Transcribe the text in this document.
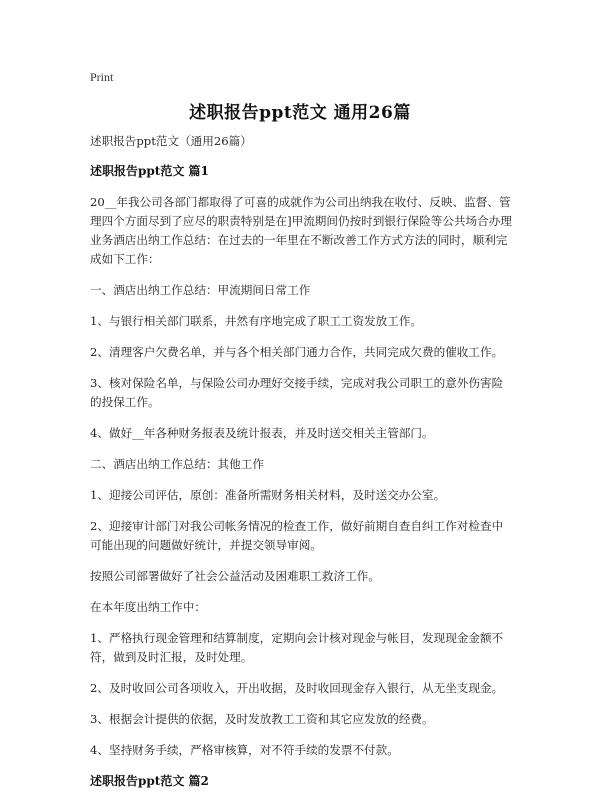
Print
述职报告ppt范文 通用26篇

述职报告ppt范文（通用26篇）

述职报告ppt范文 篇1

20__年我公司各部门都取得了可喜的成就作为公司出纳我在收付、反映、监督、管理四个方面尽到了应尽的职责特别是在]甲流期间仍按时到银行保险等公共场合办理业务酒店出纳工作总结：在过去的一年里在不断改善工作方式方法的同时，顺利完成如下工作：

一、酒店出纳工作总结：甲流期间日常工作

1、与银行相关部门联系，井然有序地完成了职工工资发放工作。

2、清理客户欠费名单，并与各个相关部门通力合作，共同完成欠费的催收工作。

3、核对保险名单，与保险公司办理好交接手续，完成对我公司职工的意外伤害险的投保工作。

4、做好__年各种财务报表及统计报表，并及时送交相关主管部门。

二、酒店出纳工作总结：其他工作

1、迎接公司评估，原创：准备所需财务相关材料，及时送交办公室。

2、迎接审计部门对我公司帐务情况的检查工作，做好前期自查自纠工作对检查中可能出现的问题做好统计，并提交领导审阅。

按照公司部署做好了社会公益活动及困难职工救济工作。

在本年度出纳工作中：

1、严格执行现金管理和结算制度，定期向会计核对现金与帐目，发现现金金额不符，做到及时汇报，及时处理。

2、及时收回公司各项收入，开出收据，及时收回现金存入银行，从无坐支现金。

3、根据会计提供的依据，及时发放教工工资和其它应发放的经费。

4、坚持财务手续，严格审核算，对不符手续的发票不付款。

述职报告ppt范文 篇2
